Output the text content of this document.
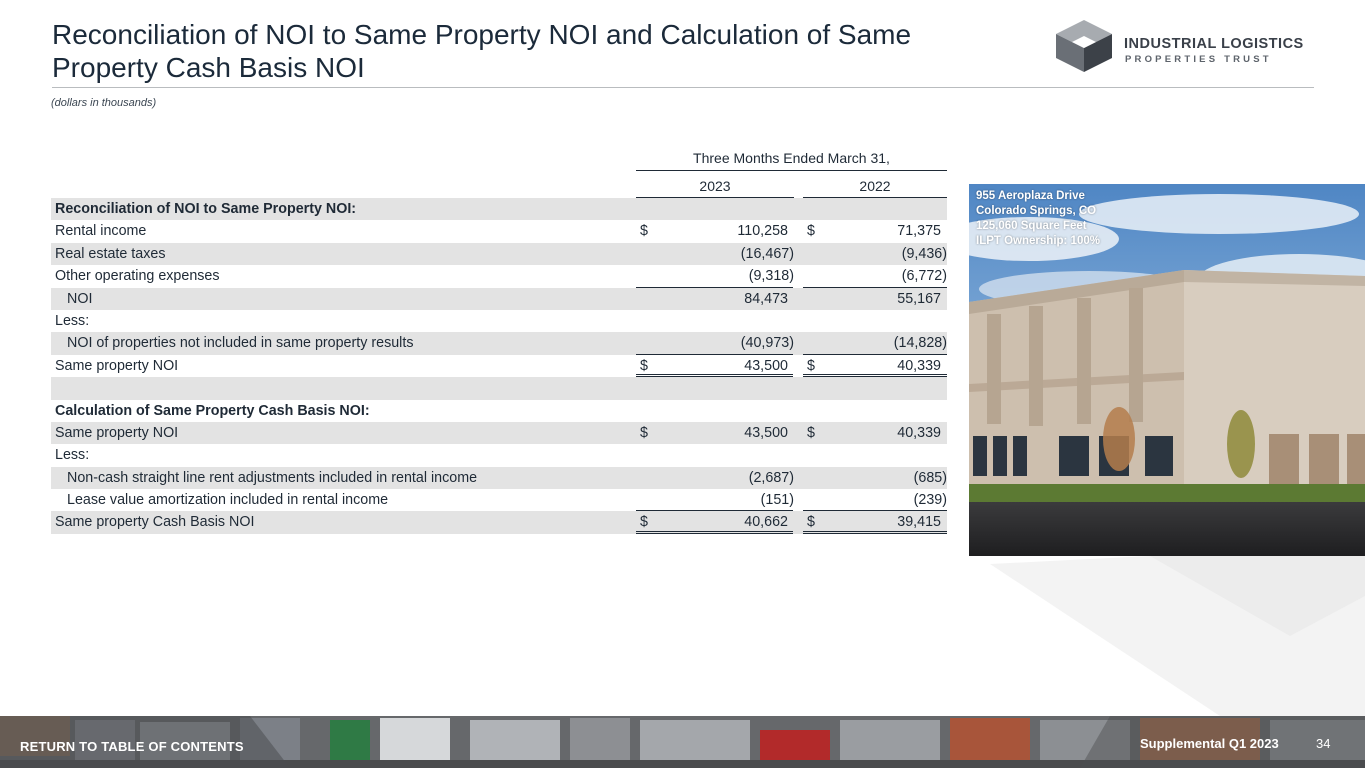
Reconciliation of NOI to Same Property NOI and Calculation of Same Property Cash Basis NOI
INDUSTRIAL LOGISTICS
PROPERTIES TRUST
(dollars in thousands)
Three Months Ended March 31,
2023	2022
Reconciliation of NOI to Same Property NOI:
Rental income	$	110,258	$	71,375
Real estate taxes	(16,467)	(9,436)
Other operating expenses	(9,318)	(6,772)
NOI	84,473	55,167
Less:
NOI of properties not included in same property results	(40,973)	(14,828)
Same property NOI	$	43,500	$	40,339
Calculation of Same Property Cash Basis NOI:
Same property NOI	$	43,500	$	40,339
Less:
Non-cash straight line rent adjustments included in rental income	(2,687)	(685)
Lease value amortization included in rental income	(151)	(239)
Same property Cash Basis NOI	$	40,662	$	39,415
955 Aeroplaza Drive
Colorado Springs, CO
125,060 Square Feet
ILPT Ownership: 100%
RETURN TO TABLE OF CONTENTS	Supplemental Q1 2023	34
